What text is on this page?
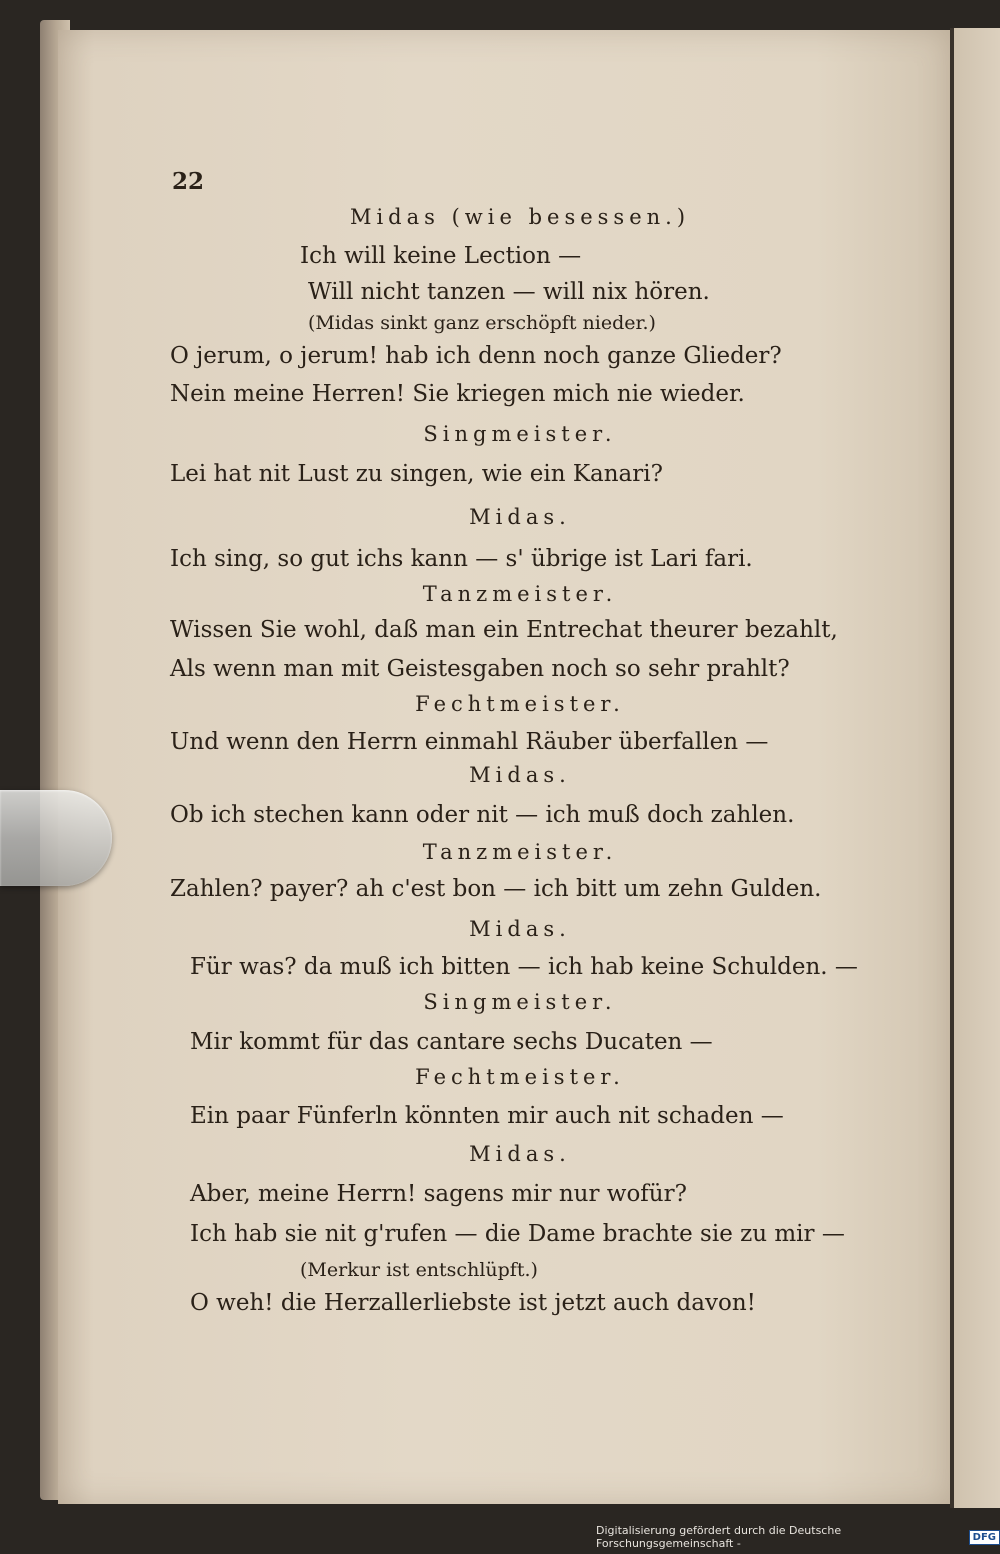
22

Midas (wie besessen.)

Ich will keine Lection —

Will nicht tanzen — will nix hören.

(Midas sinkt ganz erschöpft nieder.)

O jerum, o jerum! hab ich denn noch ganze Glieder?

Nein meine Herren! Sie kriegen mich nie wieder.

Singmeister.

Lei hat nit Lust zu singen, wie ein Kanari?

Midas.

Ich sing, so gut ichs kann — s' übrige ist Lari fari.

Tanzmeister.

Wissen Sie wohl, daß man ein Entrechat theurer bezahlt,

Als wenn man mit Geistesgaben noch so sehr prahlt?

Fechtmeister.

Und wenn den Herrn einmahl Räuber überfallen —

Midas.

Ob ich stechen kann oder nit — ich muß doch zahlen.

Tanzmeister.

Zahlen? payer? ah c'est bon — ich bitt um zehn Gulden.

Midas.

Für was? da muß ich bitten — ich hab keine Schulden. —

Singmeister.

Mir kommt für das cantare sechs Ducaten —

Fechtmeister.

Ein paar Fünferln könnten mir auch nit schaden —

Midas.

Aber, meine Herrn! sagens mir nur wofür?

Ich hab sie nit g'rufen — die Dame brachte sie zu mir —

(Merkur ist entschlüpft.)

O weh! die Herzallerliebste ist jetzt auch davon!

Digitalisierung gefördert durch die Deutsche Forschungsgemeinschaft -	DFG
